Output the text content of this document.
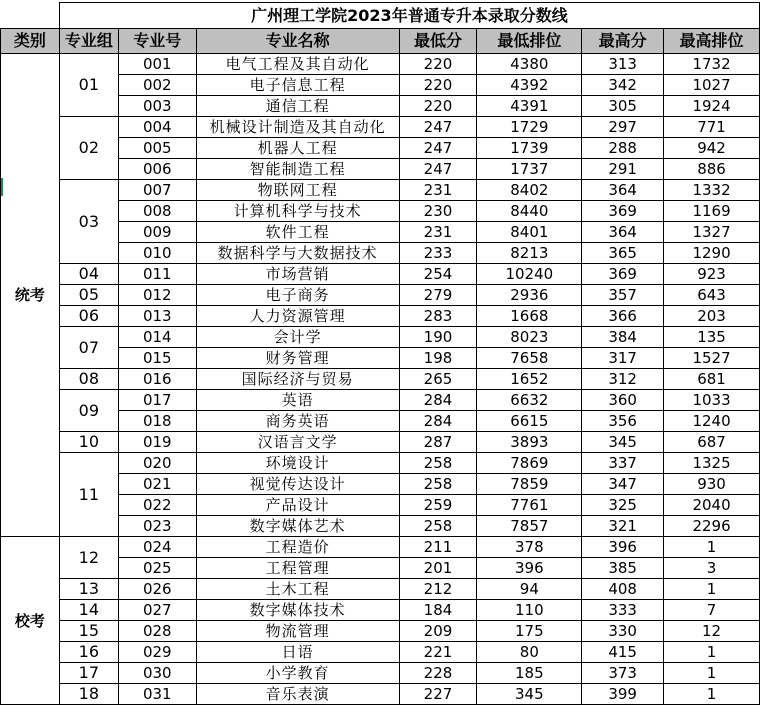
	广州理工学院2023年普通专升本录取分数线						
类别	专业组	专业号	专业名称	最低分	最低排位	最高分	最高排位
统考	01	001	电气工程及其自动化	220	4380	313	1732
		002	电子信息工程	220	4392	342	1027
		003	通信工程	220	4391	305	1924
	02	004	机械设计制造及其自动化	247	1729	297	771
		005	机器人工程	247	1739	288	942
		006	智能制造工程	247	1737	291	886
	03	007	物联网工程	231	8402	364	1332
		008	计算机科学与技术	230	8440	369	1169
		009	软件工程	231	8401	364	1327
		010	数据科学与大数据技术	233	8213	365	1290
	04	011	市场营销	254	10240	369	923
	05	012	电子商务	279	2936	357	643
	06	013	人力资源管理	283	1668	366	203
	07	014	会计学	190	8023	384	135
		015	财务管理	198	7658	317	1527
	08	016	国际经济与贸易	265	1652	312	681
	09	017	英语	284	6632	360	1033
		018	商务英语	284	6615	356	1240
	10	019	汉语言文学	287	3893	345	687
	11	020	环境设计	258	7869	337	1325
		021	视觉传达设计	258	7859	347	930
		022	产品设计	259	7761	325	2040
		023	数字媒体艺术	258	7857	321	2296
校考	12	024	工程造价	211	378	396	1
		025	工程管理	201	396	385	3
	13	026	土木工程	212	94	408	1
	14	027	数字媒体技术	184	110	333	7
	15	028	物流管理	209	175	330	12
	16	029	日语	221	80	415	1
	17	030	小学教育	228	185	373	1
	18	031	音乐表演	227	345	399	1
